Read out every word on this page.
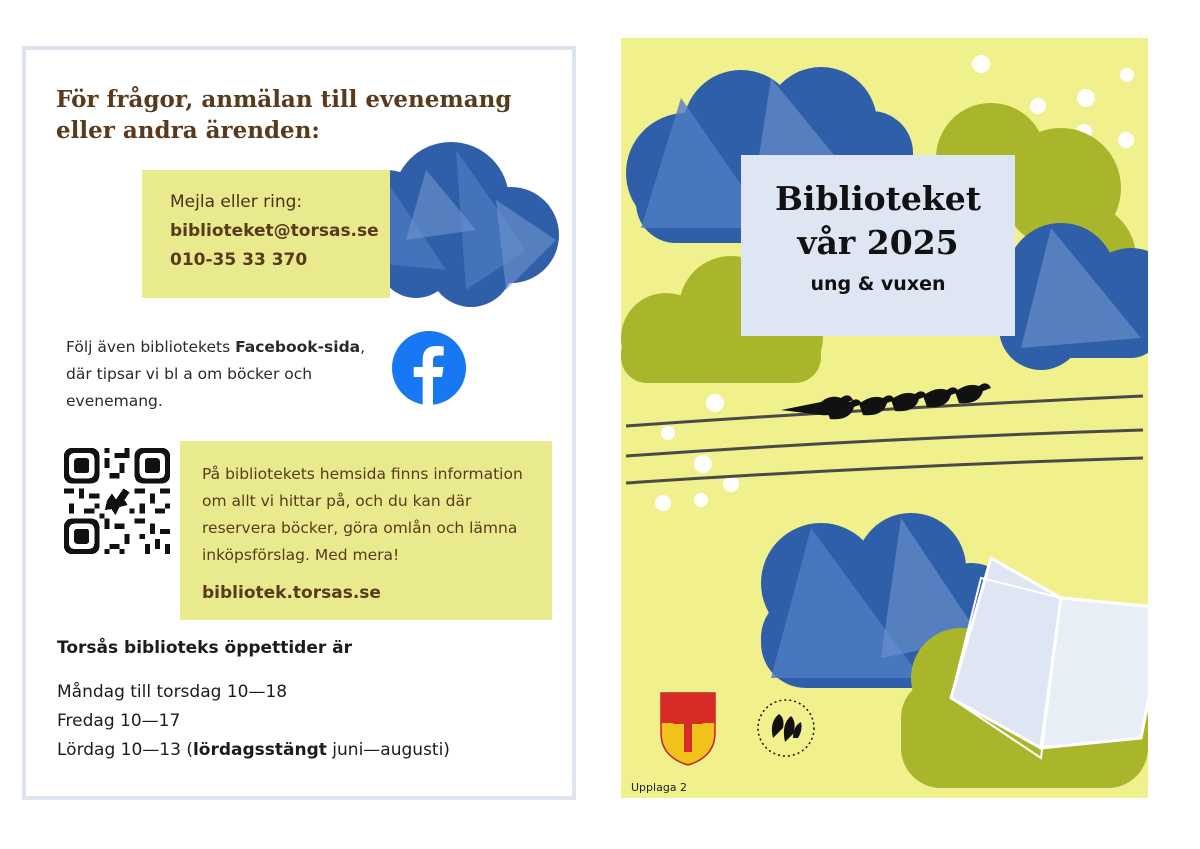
För frågor, anmälan till evenemang
eller andra ärenden:
Mejla eller ring:
biblioteket@torsas.se
010-35 33 370
Följ även bibliotekets Facebook-sida,
där tipsar vi bl a om böcker och
evenemang.
På bibliotekets hemsida finns information om allt vi hittar på, och du kan där reservera böcker, göra omlån och lämna inköpsförslag. Med mera!
bibliotek.torsas.se
Torsås biblioteks öppettider är
Måndag till torsdag 10—18
Fredag 10—17
Lördag 10—13 (lördagsstängt juni—augusti)
Biblioteket
vår 2025
ung & vuxen
Upplaga 2
